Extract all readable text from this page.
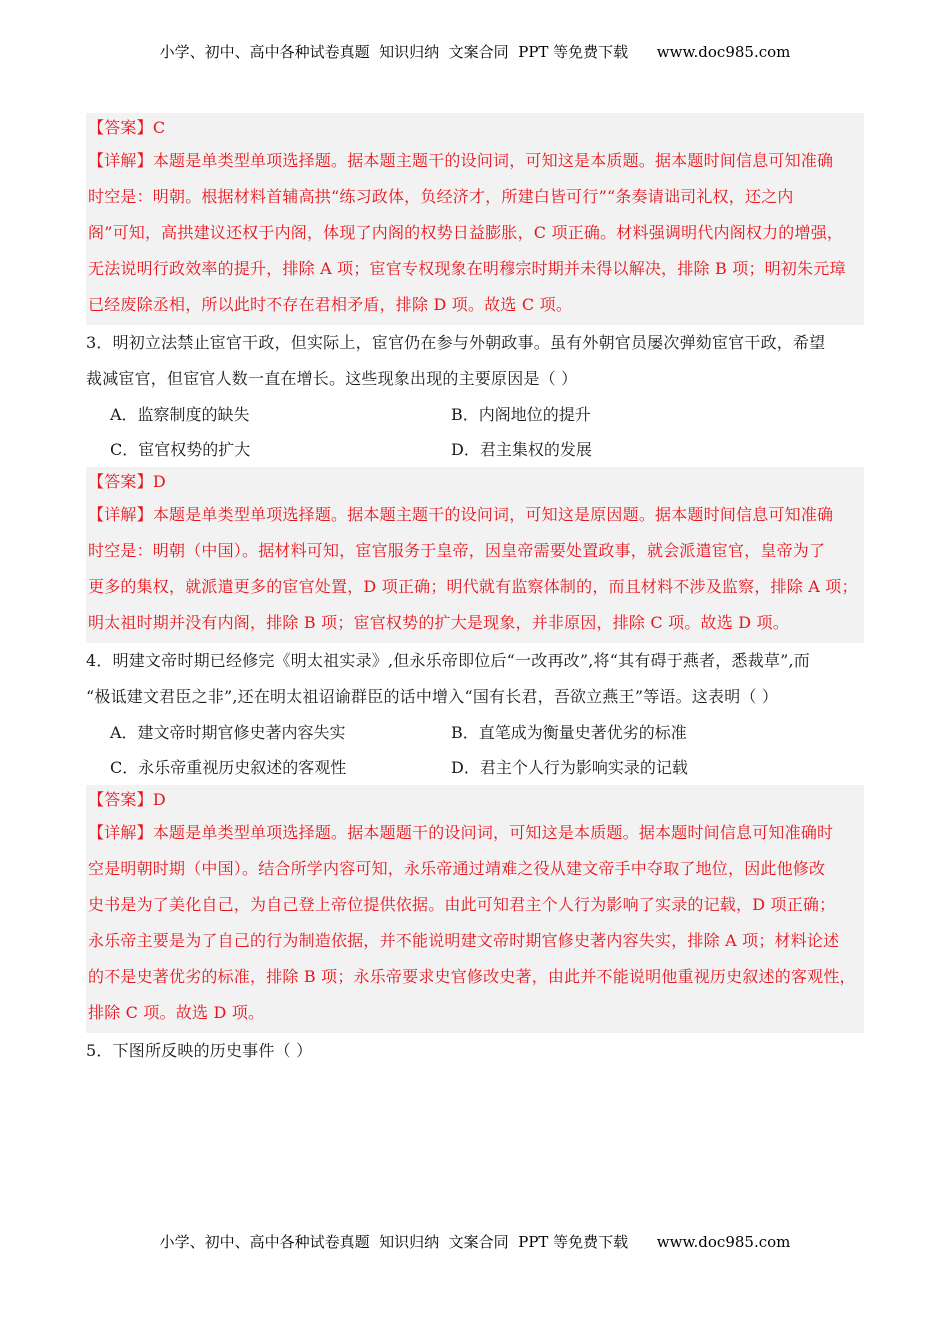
小学、初中、高中各种试卷真题  知识归纳  文案合同  PPT 等免费下载      www.doc985.com
【答案】C
【详解】本题是单类型单项选择题。据本题主题干的设问词，可知这是本质题。据本题时间信息可知准确
时空是：明朝。根据材料首辅高拱“练习政体，负经济才，所建白皆可行”“条奏请诎司礼权，还之内
阁”可知，高拱建议还权于内阁，体现了内阁的权势日益膨胀，C 项正确。材料强调明代内阁权力的增强，
无法说明行政效率的提升，排除 A 项；宦官专权现象在明穆宗时期并未得以解决，排除 B 项；明初朱元璋
已经废除丞相，所以此时不存在君相矛盾，排除 D 项。故选 C 项。
3．明初立法禁止宦官干政，但实际上，宦官仍在参与外朝政事。虽有外朝官员屡次弹劾宦官干政，希望
裁减宦官，但宦官人数一直在增长。这些现象出现的主要原因是（ ）
A．监察制度的缺失	B．内阁地位的提升
C．宦官权势的扩大	D．君主集权的发展
【答案】D
【详解】本题是单类型单项选择题。据本题主题干的设问词，可知这是原因题。据本题时间信息可知准确
时空是：明朝（中国）。据材料可知，宦官服务于皇帝，因皇帝需要处置政事，就会派遣宦官，皇帝为了
更多的集权，就派遣更多的宦官处置，D 项正确；明代就有监察体制的，而且材料不涉及监察，排除 A 项；
明太祖时期并没有内阁，排除 B 项；宦官权势的扩大是现象，并非原因，排除 C 项。故选 D 项。
4．明建文帝时期已经修完《明太祖实录》,但永乐帝即位后“一改再改”,将“其有碍于燕者，悉裁草”,而
“极诋建文君臣之非”,还在明太祖诏谕群臣的话中增入“国有长君，吾欲立燕王”等语。这表明（ ）
A．建文帝时期官修史著内容失实	B．直笔成为衡量史著优劣的标准
C．永乐帝重视历史叙述的客观性	D．君主个人行为影响实录的记载
【答案】D
【详解】本题是单类型单项选择题。据本题题干的设问词，可知这是本质题。据本题时间信息可知准确时
空是明朝时期（中国）。结合所学内容可知，永乐帝通过靖难之役从建文帝手中夺取了地位，因此他修改
史书是为了美化自己，为自己登上帝位提供依据。由此可知君主个人行为影响了实录的记载，D 项正确；
永乐帝主要是为了自己的行为制造依据，并不能说明建文帝时期官修史著内容失实，排除 A 项；材料论述
的不是史著优劣的标准，排除 B 项；永乐帝要求史官修改史著，由此并不能说明他重视历史叙述的客观性，
排除 C 项。故选 D 项。
5．下图所反映的历史事件（ ）
小学、初中、高中各种试卷真题  知识归纳  文案合同  PPT 等免费下载      www.doc985.com
